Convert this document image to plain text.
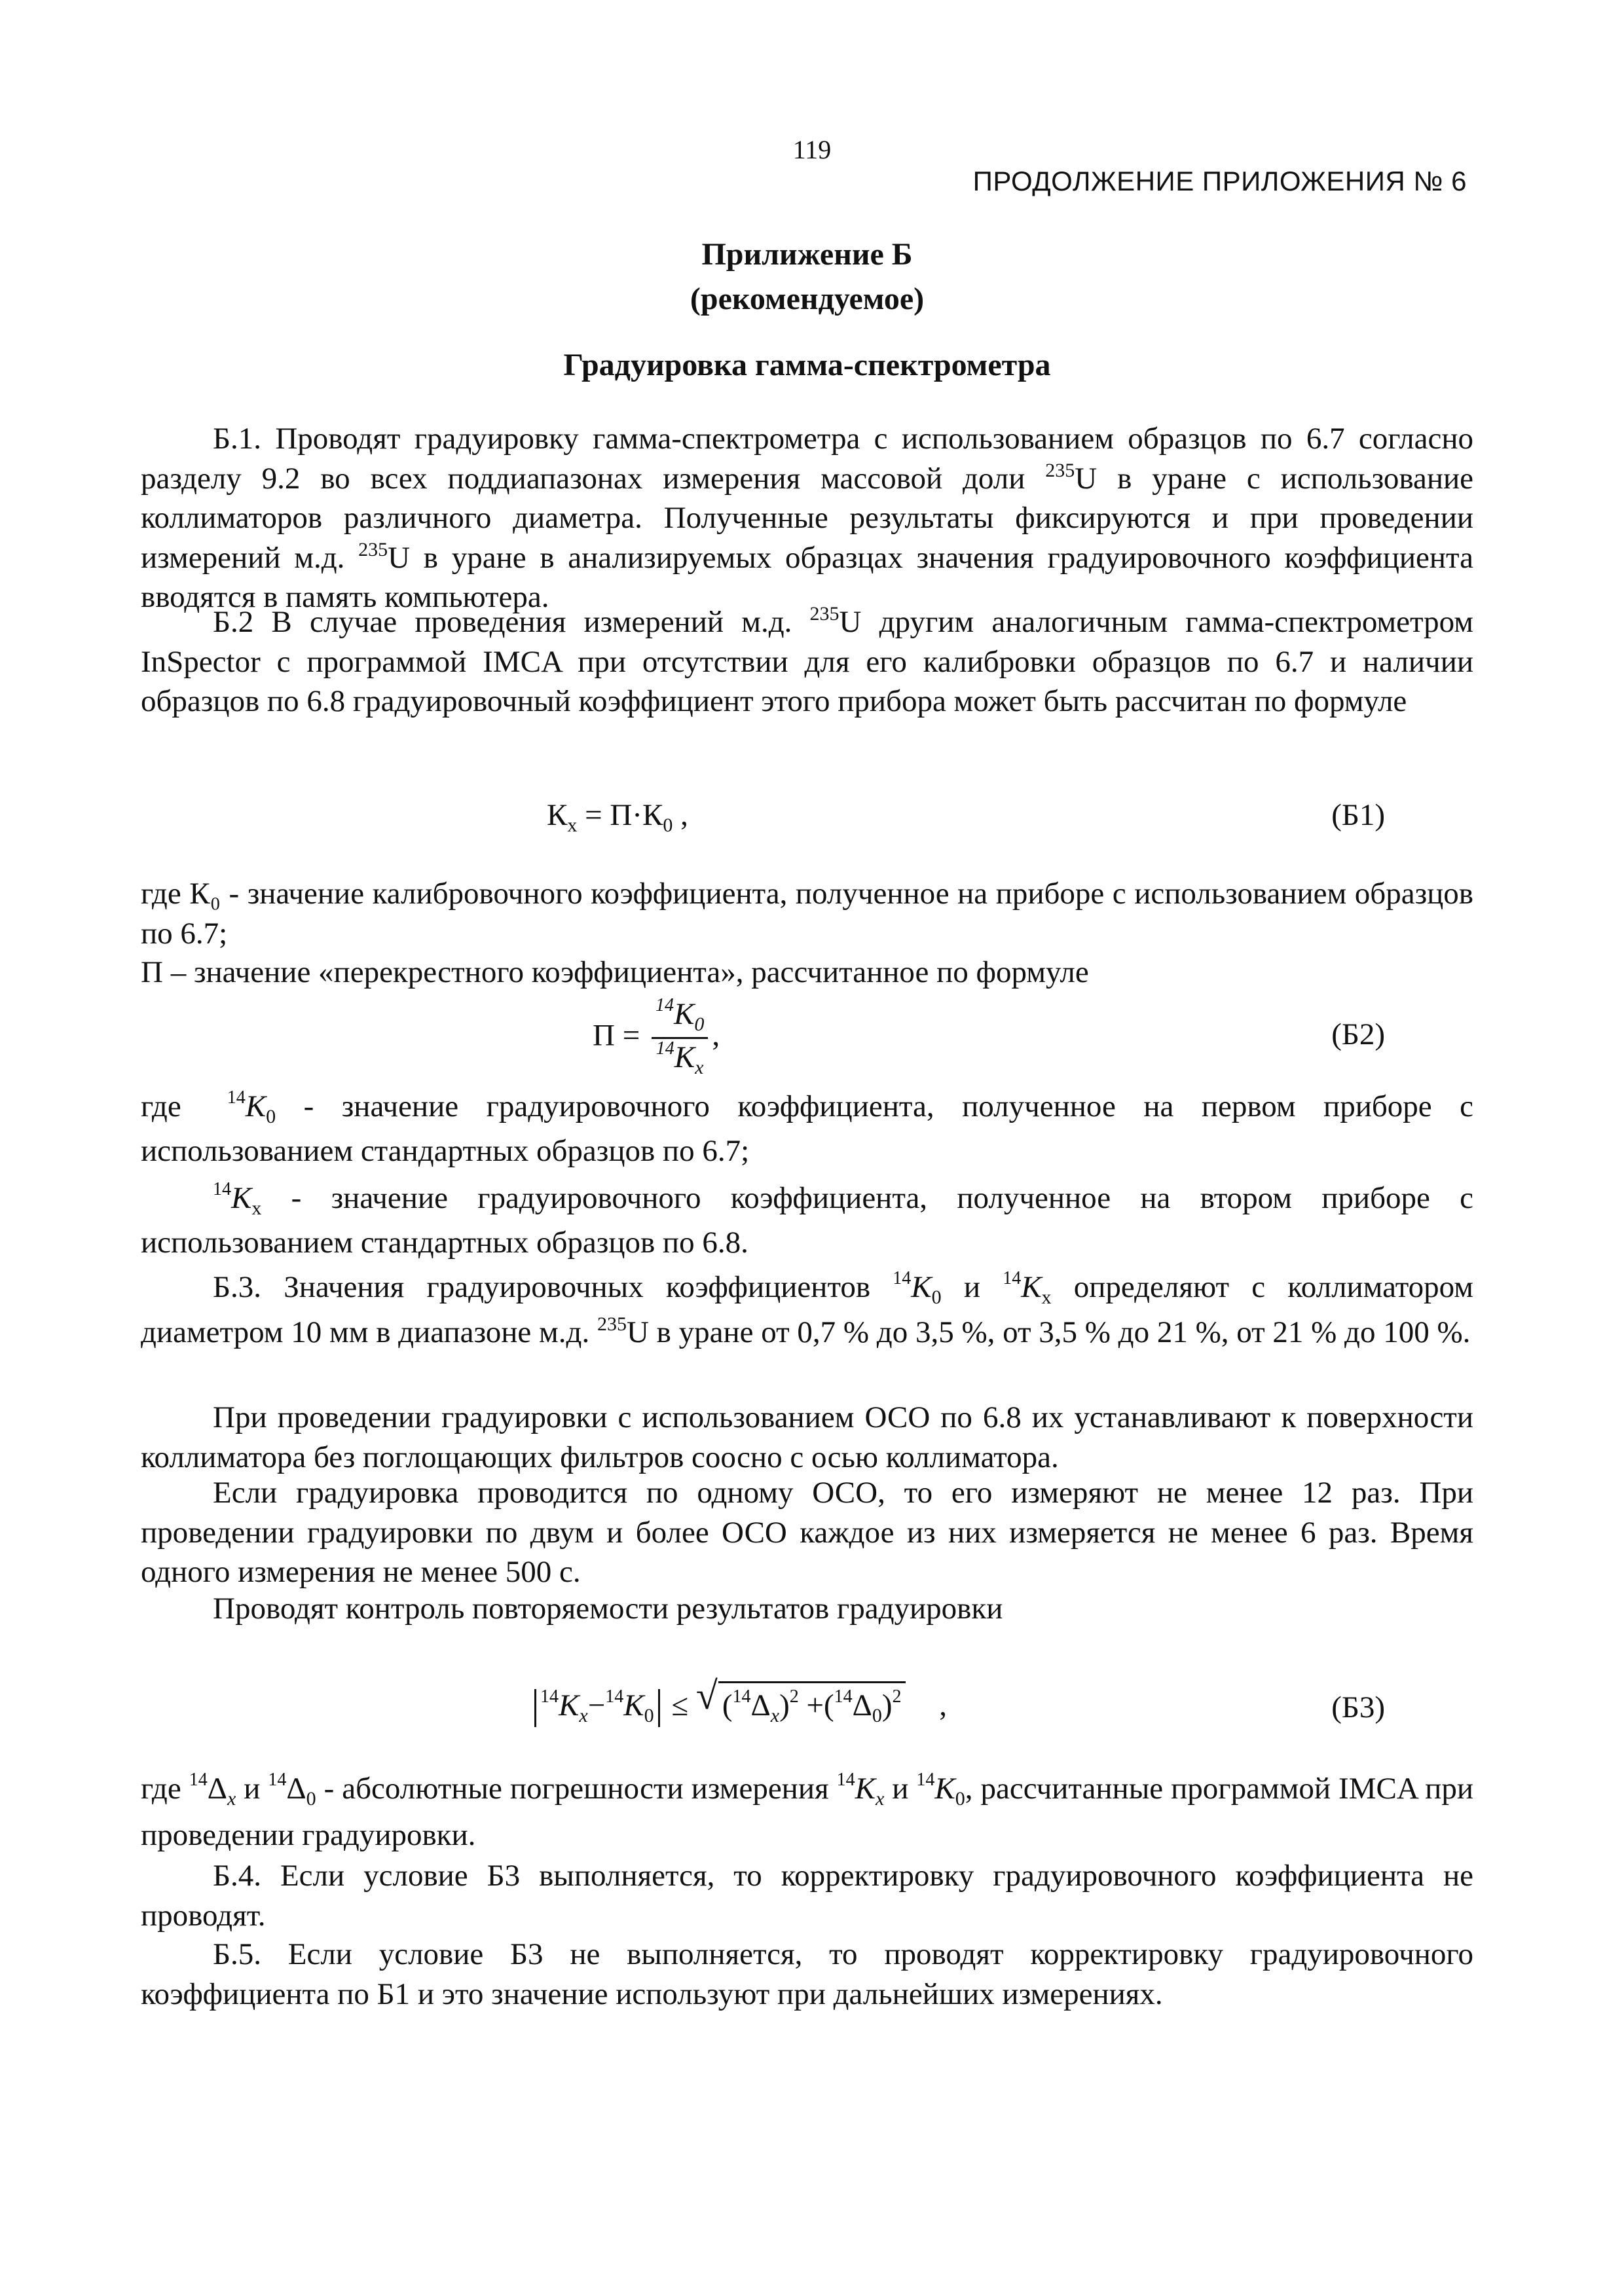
119
ПРОДОЛЖЕНИЕ ПРИЛОЖЕНИЯ № 6
Прилижение Б
(рекомендуемое)
Градуировка гамма-спектрометра
Б.1. Проводят градуировку гамма-спектрометра с использованием образцов по 6.7 согласно разделу 9.2 во всех поддиапазонах измерения массовой доли $^{235}$U в уране с использование коллиматоров различного диаметра. Полученные результаты фиксируются и при проведении измерений м.д. $^{235}$U в уране в анализируемых образцах значения градуировочного коэффициента вводятся в память компьютера.
Б.2 В случае проведения измерений м.д. $^{235}$U другим аналогичным гамма-спектрометром InSpector с программой IMCA при отсутствии для его калибровки образцов по 6.7 и наличии образцов по 6.8 градуировочный коэффициент этого прибора может быть рассчитан по формуле
$К_x = П\cdot К_0$ ,	(Б1)
где К₀ - значение калибровочного коэффициента, полученное на приборе с использованием образцов по 6.7;
П – значение «перекрестного коэффициента», рассчитанное по формуле
$П = \frac{^{14}K_0}{^{14}K_x}$ ,	(Б2)
где	$^{14}K_0$ - значение градуировочного коэффициента, полученное на первом приборе с использованием стандартных образцов по 6.7;
$^{14}K_x$ - значение градуировочного коэффициента, полученное на втором приборе с использованием стандартных образцов по 6.8.
Б.3. Значения градуировочных коэффициентов $^{14}K_0$ и $^{14}K_x$ определяют с коллиматором диаметром 10 мм в диапазоне м.д. $^{235}$U в уране от 0,7 % до 3,5 %, от 3,5 % до 21 %, от 21 % до 100 %.
При проведении градуировки с использованием ОСО по 6.8 их устанавливают к поверхности коллиматора без поглощающих фильтров соосно с осью коллиматора.
Если градуировка проводится по одному ОСО, то его измеряют не менее 12 раз. При проведении градуировки по двум и более ОСО каждое из них измеряется не менее 6 раз. Время одного измерения не менее 500 с.
Проводят контроль повторяемости результатов градуировки
$^{14}K_x-^{14}K_0$ ≤ √ $(^{14}\Delta_x)^2 +(^{14}\Delta_0)^2$ ,	(Б3)
где $^{14}\Delta_x$ и $^{14}\Delta_0$ - абсолютные погрешности измерения $^{14}K_x$ и $^{14}K_0$, рассчитанные программой IMCA при проведении градуировки.
Б.4. Если условие Б3 выполняется, то корректировку градуировочного коэффициента не проводят.
Б.5. Если условие Б3 не выполняется, то проводят корректировку градуировочного коэффициента по Б1 и это значение используют при дальнейших измерениях.
